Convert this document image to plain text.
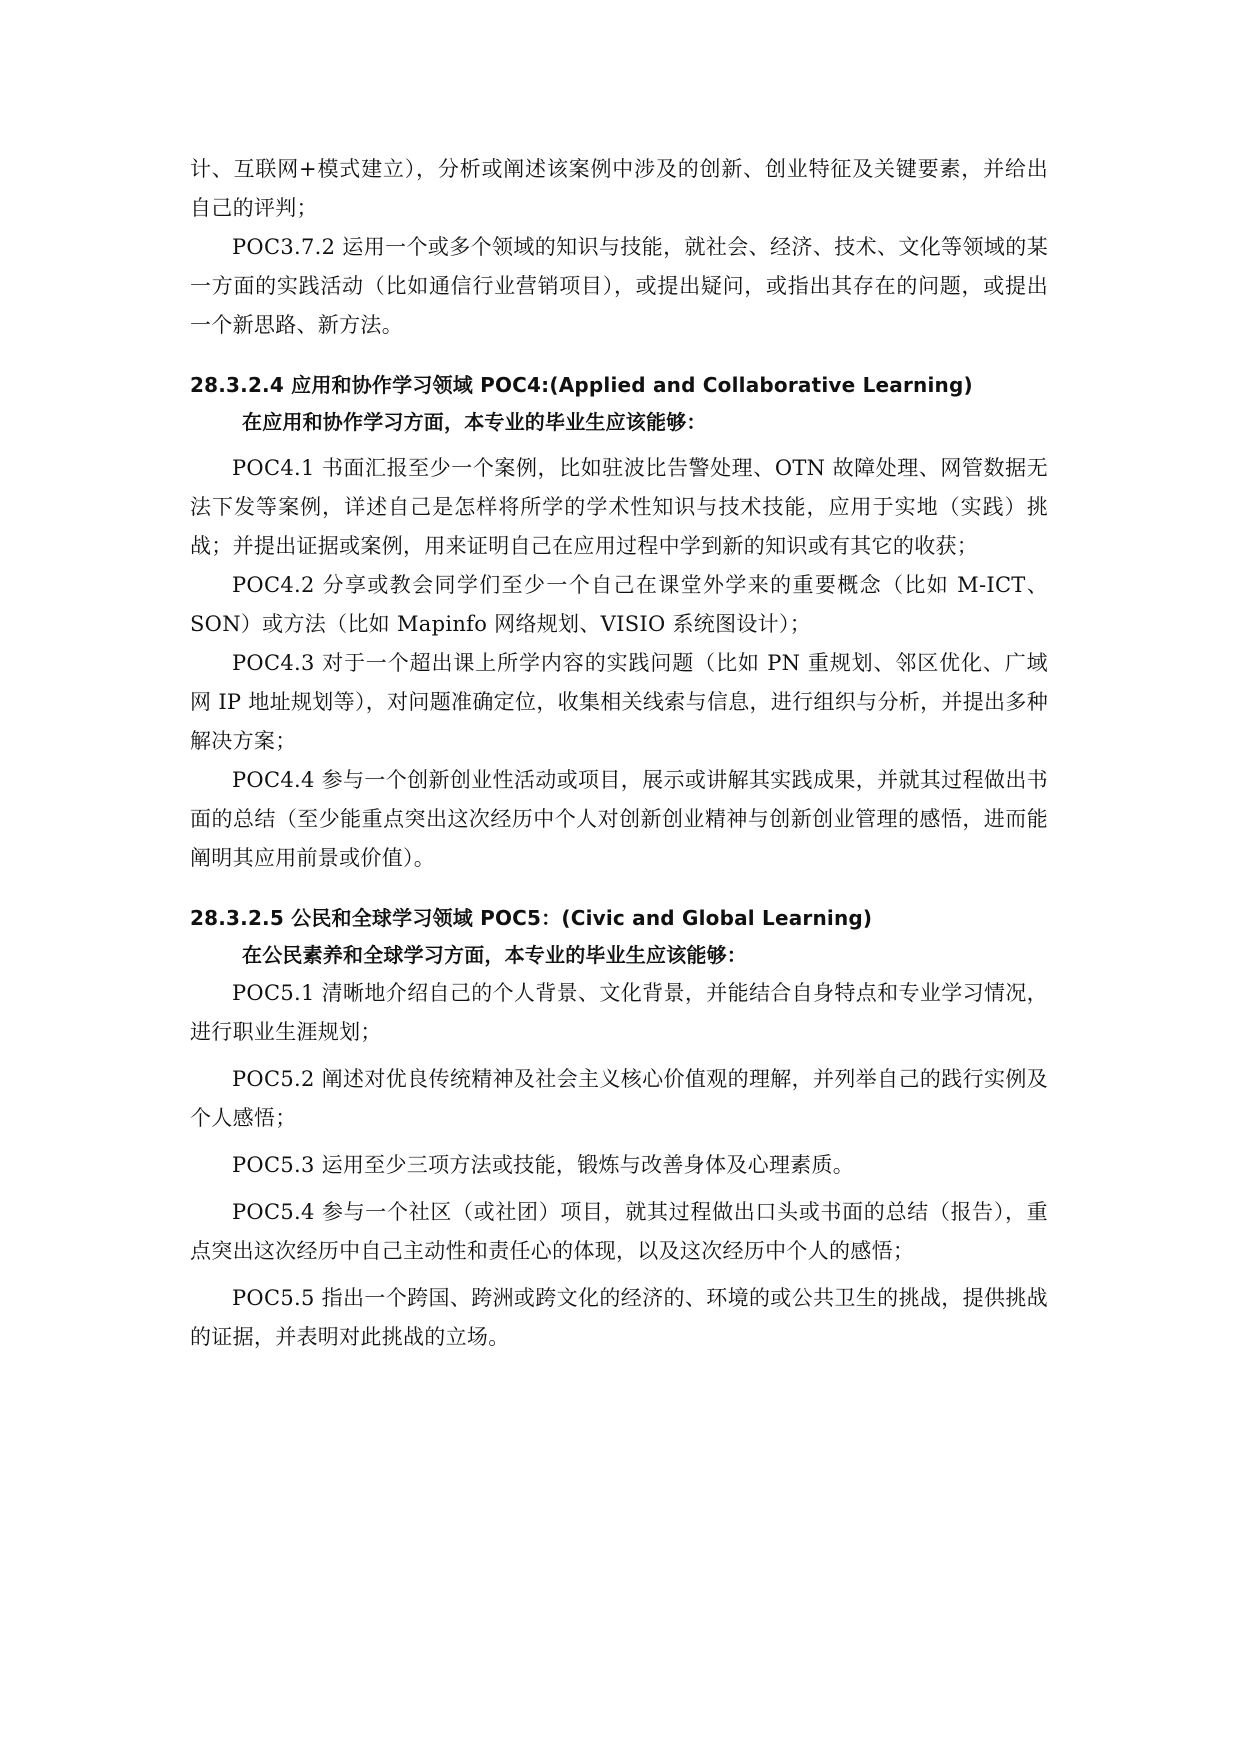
计、互联网+模式建立），分析或阐述该案例中涉及的创新、创业特征及关键要素，并给出自己的评判；

POC3.7.2 运用一个或多个领域的知识与技能，就社会、经济、技术、文化等领域的某一方面的实践活动（比如通信行业营销项目），或提出疑问，或指出其存在的问题，或提出一个新思路、新方法。

28.3.2.4 应用和协作学习领域 POC4:(Applied and Collaborative Learning)

在应用和协作学习方面，本专业的毕业生应该能够：

POC4.1 书面汇报至少一个案例，比如驻波比告警处理、OTN 故障处理、网管数据无法下发等案例，详述自己是怎样将所学的学术性知识与技术技能，应用于实地（实践）挑战；并提出证据或案例，用来证明自己在应用过程中学到新的知识或有其它的收获；

POC4.2 分享或教会同学们至少一个自己在课堂外学来的重要概念（比如 M-ICT、SON）或方法（比如 Mapinfo 网络规划、VISIO 系统图设计）；

POC4.3 对于一个超出课上所学内容的实践问题（比如 PN 重规划、邻区优化、广域网 IP 地址规划等），对问题准确定位，收集相关线索与信息，进行组织与分析，并提出多种解决方案；

POC4.4 参与一个创新创业性活动或项目，展示或讲解其实践成果，并就其过程做出书面的总结（至少能重点突出这次经历中个人对创新创业精神与创新创业管理的感悟，进而能阐明其应用前景或价值）。

28.3.2.5 公民和全球学习领域 POC5：(Civic and Global Learning)

在公民素养和全球学习方面，本专业的毕业生应该能够：

POC5.1 清晰地介绍自己的个人背景、文化背景，并能结合自身特点和专业学习情况，进行职业生涯规划；

POC5.2 阐述对优良传统精神及社会主义核心价值观的理解，并列举自己的践行实例及个人感悟；

POC5.3 运用至少三项方法或技能，锻炼与改善身体及心理素质。

POC5.4 参与一个社区（或社团）项目，就其过程做出口头或书面的总结（报告），重点突出这次经历中自己主动性和责任心的体现，以及这次经历中个人的感悟；

POC5.5 指出一个跨国、跨洲或跨文化的经济的、环境的或公共卫生的挑战，提供挑战的证据，并表明对此挑战的立场。
